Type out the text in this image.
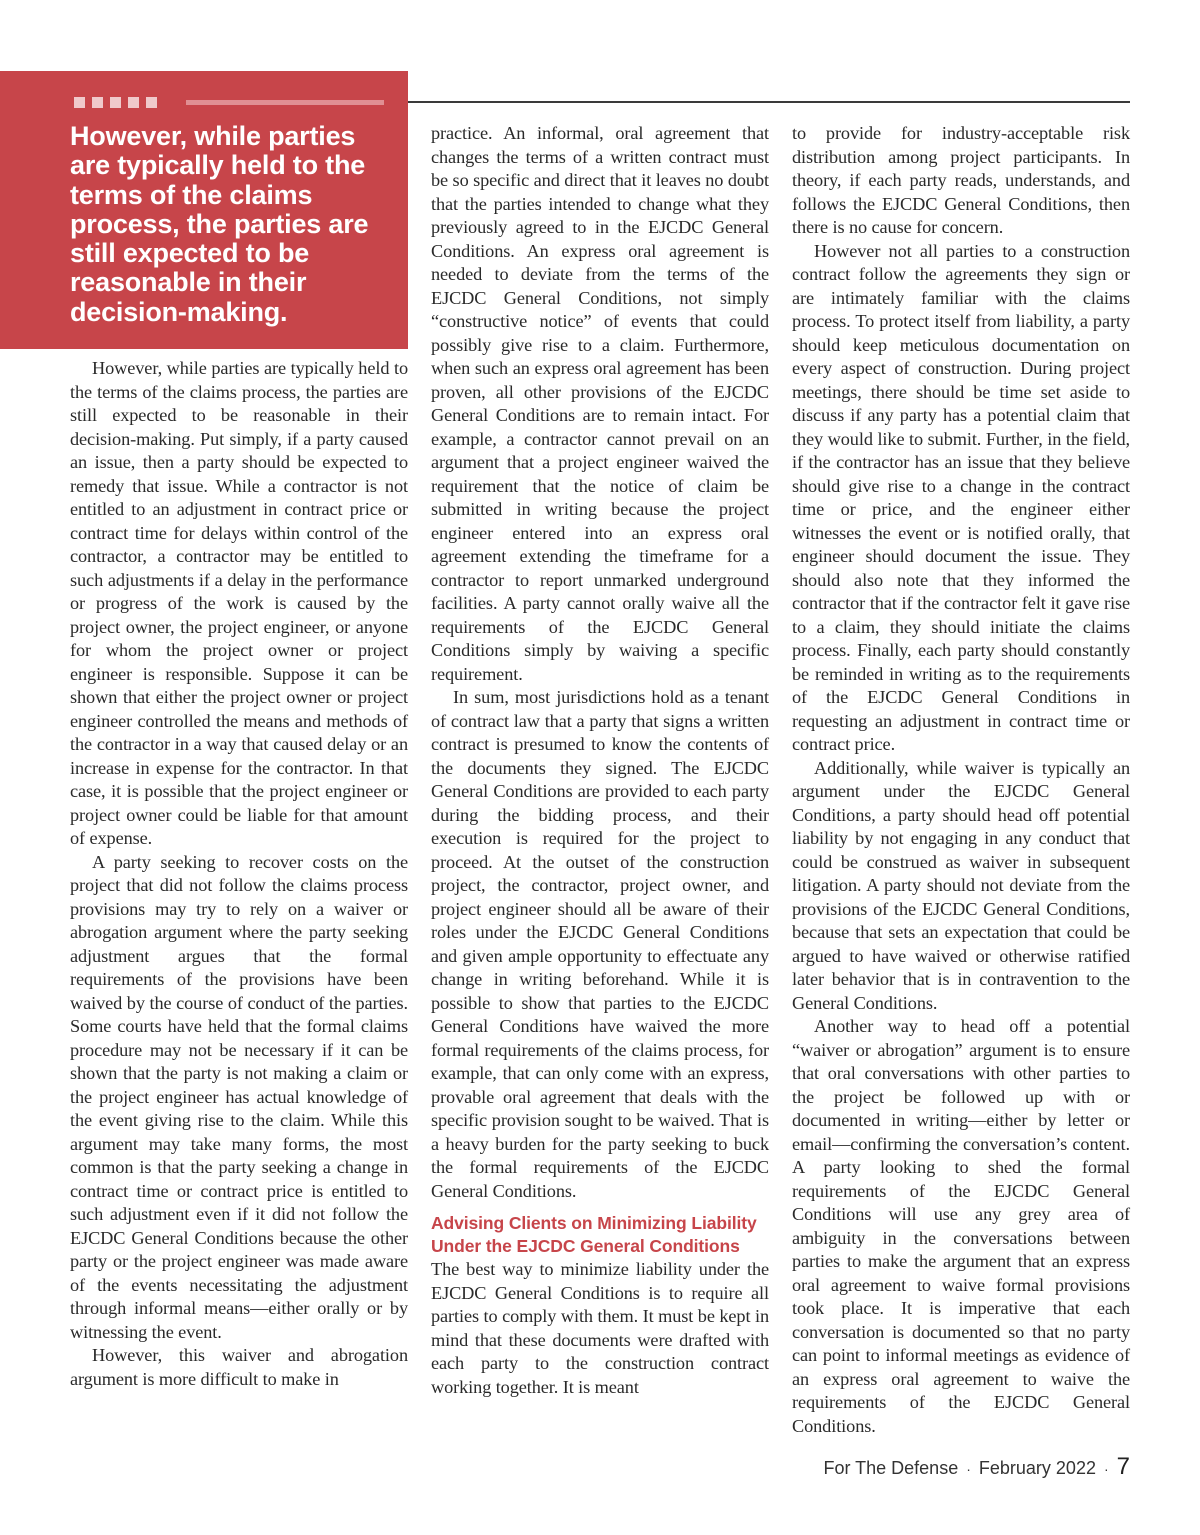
However, while parties are typically held to the terms of the claims process, the parties are still expected to be reasonable in their decision-making.

However, while parties are typically held to the terms of the claims process, the parties are still expected to be reasonable in their decision-making. Put simply, if a party caused an issue, then a party should be expected to remedy that issue. While a contractor is not entitled to an adjustment in contract price or contract time for delays within control of the contractor, a contractor may be entitled to such adjustments if a delay in the performance or progress of the work is caused by the project owner, the project engineer, or anyone for whom the project owner or project engineer is responsible. Suppose it can be shown that either the project owner or project engineer controlled the means and methods of the contractor in a way that caused delay or an increase in expense for the contractor. In that case, it is possible that the project engineer or project owner could be liable for that amount of expense.

A party seeking to recover costs on the project that did not follow the claims process provisions may try to rely on a waiver or abrogation argument where the party seeking adjustment argues that the formal requirements of the provisions have been waived by the course of conduct of the parties. Some courts have held that the formal claims procedure may not be necessary if it can be shown that the party is not making a claim or the project engineer has actual knowledge of the event giving rise to the claim. While this argument may take many forms, the most common is that the party seeking a change in contract time or contract price is entitled to such adjustment even if it did not follow the EJCDC General Conditions because the other party or the project engineer was made aware of the events necessitating the adjustment through informal means—either orally or by witnessing the event.

However, this waiver and abrogation argument is more difficult to make in

practice. An informal, oral agreement that changes the terms of a written contract must be so specific and direct that it leaves no doubt that the parties intended to change what they previously agreed to in the EJCDC General Conditions. An express oral agreement is needed to deviate from the terms of the EJCDC General Conditions, not simply “constructive notice” of events that could possibly give rise to a claim. Furthermore, when such an express oral agreement has been proven, all other provisions of the EJCDC General Conditions are to remain intact. For example, a contractor cannot prevail on an argument that a project engineer waived the requirement that the notice of claim be submitted in writing because the project engineer entered into an express oral agreement extending the timeframe for a contractor to report unmarked underground facilities. A party cannot orally waive all the requirements of the EJCDC General Conditions simply by waiving a specific requirement.

In sum, most jurisdictions hold as a tenant of contract law that a party that signs a written contract is presumed to know the contents of the documents they signed. The EJCDC General Conditions are provided to each party during the bidding process, and their execution is required for the project to proceed. At the outset of the construction project, the contractor, project owner, and project engineer should all be aware of their roles under the EJCDC General Conditions and given ample opportunity to effectuate any change in writing beforehand. While it is possible to show that parties to the EJCDC General Conditions have waived the more formal requirements of the claims process, for example, that can only come with an express, provable oral agreement that deals with the specific provision sought to be waived. That is a heavy burden for the party seeking to buck the formal requirements of the EJCDC General Conditions.

Advising Clients on Minimizing Liability Under the EJCDC General Conditions

The best way to minimize liability under the EJCDC General Conditions is to require all parties to comply with them. It must be kept in mind that these documents were drafted with each party to the construction contract working together. It is meant

to provide for industry-acceptable risk distribution among project participants. In theory, if each party reads, understands, and follows the EJCDC General Conditions, then there is no cause for concern.

However not all parties to a construction contract follow the agreements they sign or are intimately familiar with the claims process. To protect itself from liability, a party should keep meticulous documentation on every aspect of construction. During project meetings, there should be time set aside to discuss if any party has a potential claim that they would like to submit. Further, in the field, if the contractor has an issue that they believe should give rise to a change in the contract time or price, and the engineer either witnesses the event or is notified orally, that engineer should document the issue. They should also note that they informed the contractor that if the contractor felt it gave rise to a claim, they should initiate the claims process. Finally, each party should constantly be reminded in writing as to the requirements of the EJCDC General Conditions in requesting an adjustment in contract time or contract price.

Additionally, while waiver is typically an argument under the EJCDC General Conditions, a party should head off potential liability by not engaging in any conduct that could be construed as waiver in subsequent litigation. A party should not deviate from the provisions of the EJCDC General Conditions, because that sets an expectation that could be argued to have waived or otherwise ratified later behavior that is in contravention to the General Conditions.

Another way to head off a potential “waiver or abrogation” argument is to ensure that oral conversations with other parties to the project be followed up with or documented in writing—either by letter or email—confirming the conversation’s content. A party looking to shed the formal requirements of the EJCDC General Conditions will use any grey area of ambiguity in the conversations between parties to make the argument that an express oral agreement to waive formal provisions took place. It is imperative that each conversation is documented so that no party can point to informal meetings as evidence of an express oral agreement to waive the requirements of the EJCDC General Conditions.

For The Defense · February 2022 · 7
